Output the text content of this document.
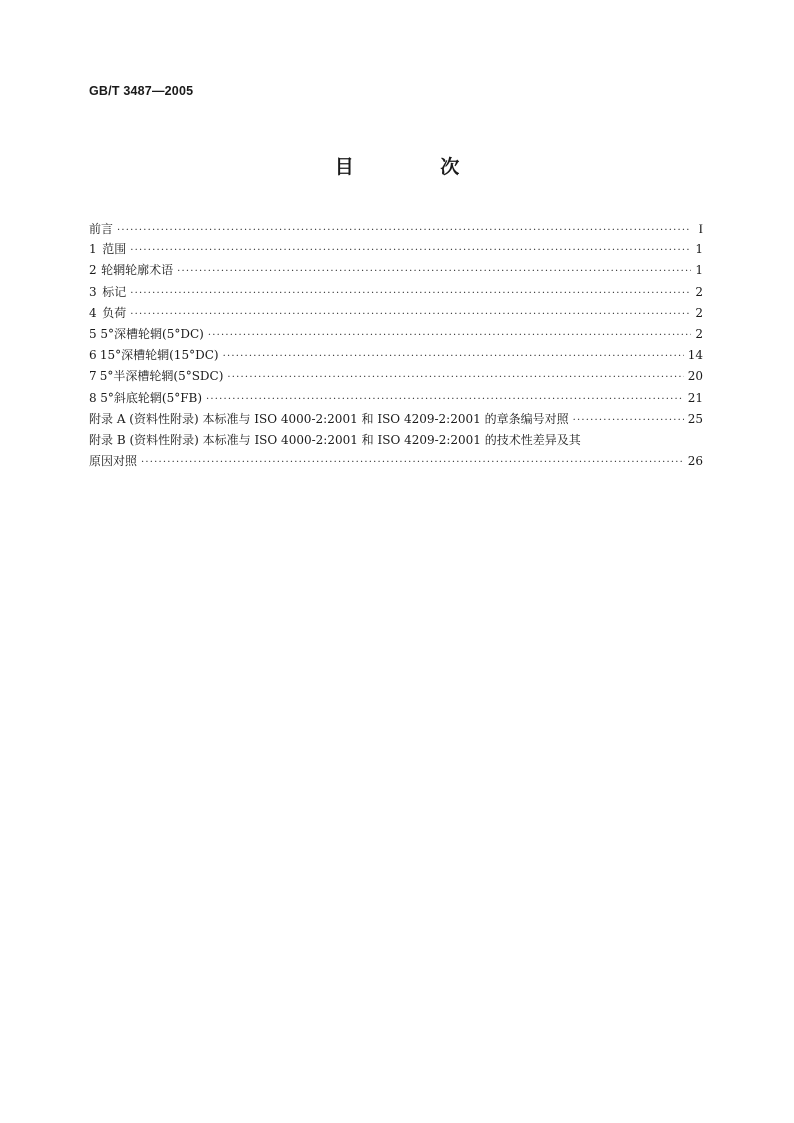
GB/T 3487—2005
目 次
前言 ·····	I
1 范围 ·····	1
2 轮辋轮廓术语 ·····	1
3 标记 ·····	2
4 负荷 ·····	2
5 5°深槽轮辋(5°DC) ·····	2
6 15°深槽轮辋(15°DC) ·····	14
7 5°半深槽轮辋(5°SDC) ·····	20
8 5°斜底轮辋(5°FB) ·····	21
附录 A (资料性附录) 本标准与 ISO 4000-2:2001 和 ISO 4209-2:2001 的章条编号对照 ·····	25
附录 B (资料性附录) 本标准与 ISO 4000-2:2001 和 ISO 4209-2:2001 的技术性差异及其
原因对照 ·····	26
